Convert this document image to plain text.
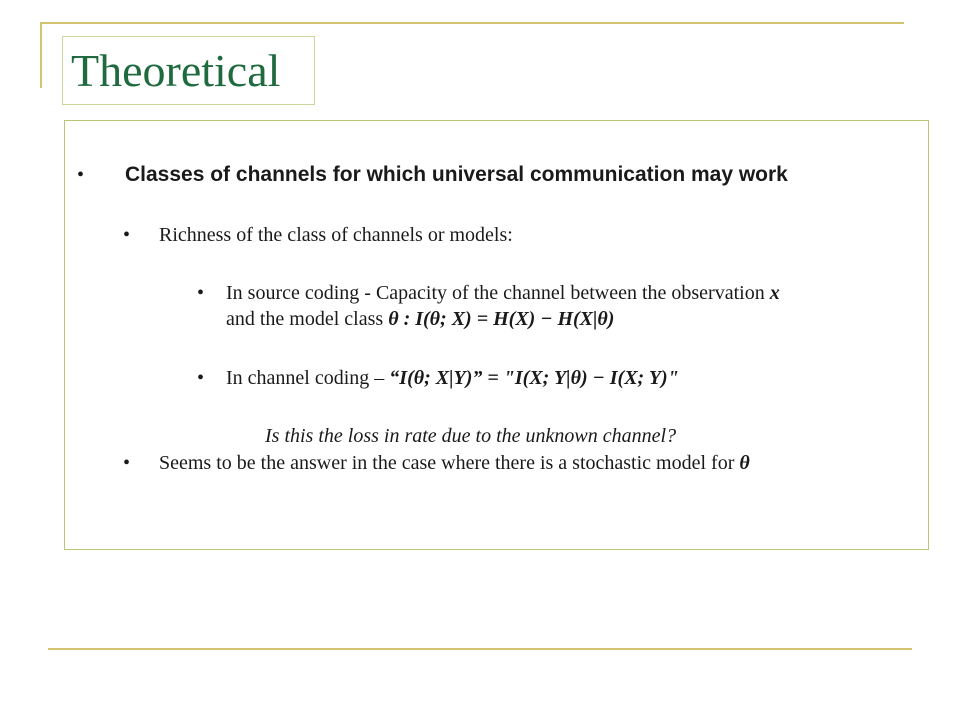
Theoretical
• Classes of channels for which universal communication may work
• Richness of the class of channels or models:
• In source coding - Capacity of the channel between the observation x
and the model class θ : I(θ; X) = H(X) − H(X|θ)
• In channel coding – “I(θ; X|Y)” = "I(X; Y|θ) − I(X; Y)"
Is this the loss in rate due to the unknown channel?
• Seems to be the answer in the case where there is a stochastic model for θ
